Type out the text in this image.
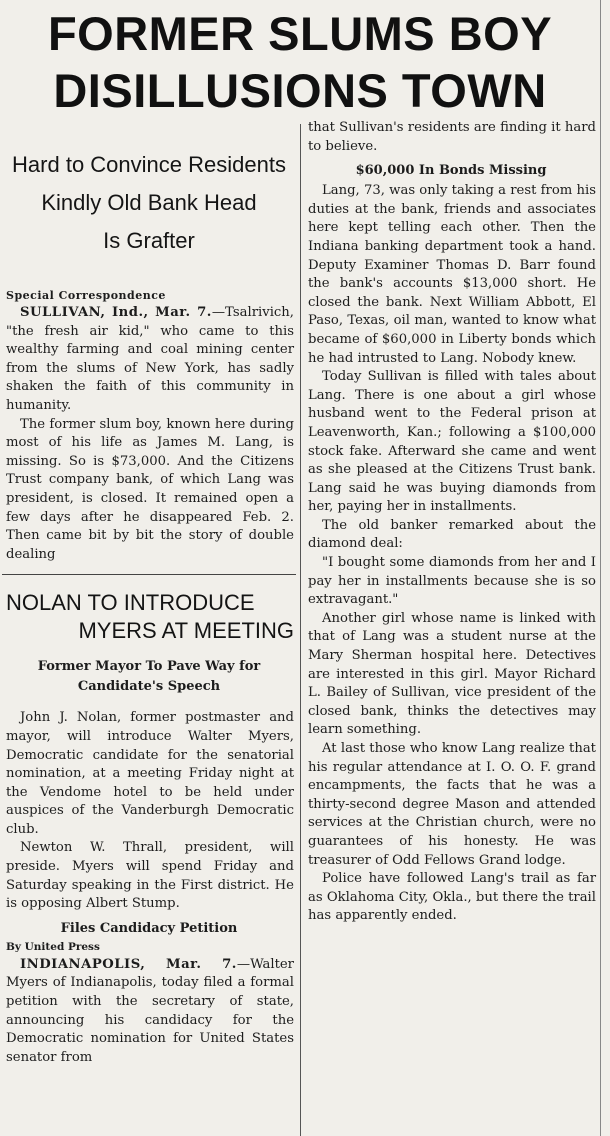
FORMER SLUMS BOY
DISILLUSIONS TOWN
Hard to Convince Residents
Kindly Old Bank Head
Is Grafter
Special Correspondence

SULLIVAN, Ind., Mar. 7.—Tsalrivich, "the fresh air kid," who came to this wealthy farming and coal mining center from the slums of New York, has sadly shaken the faith of this community in humanity.

The former slum boy, known here during most of his life as James M. Lang, is missing. So is $73,000. And the Citizens Trust company bank, of which Lang was president, is closed. It remained open a few days after he disappeared Feb. 2. Then came bit by bit the story of double dealing

NOLAN TO INTRODUCE
MYERS AT MEETING
Former Mayor To Pave Way for
Candidate's Speech

John J. Nolan, former postmaster and mayor, will introduce Walter Myers, Democratic candidate for the senatorial nomination, at a meeting Friday night at the Vendome hotel to be held under auspices of the Vanderburgh Democratic club.

Newton W. Thrall, president, will preside. Myers will spend Friday and Saturday speaking in the First district. He is opposing Albert Stump.

Files Candidacy Petition
By United Press

INDIANAPOLIS, Mar. 7.—Walter Myers of Indianapolis, today filed a formal petition with the secretary of state, announcing his candidacy for the Democratic nomination for United States senator from

that Sullivan's residents are finding it hard to believe.

$60,000 In Bonds Missing

Lang, 73, was only taking a rest from his duties at the bank, friends and associates here kept telling each other. Then the Indiana banking department took a hand. Deputy Examiner Thomas D. Barr found the bank's accounts $13,000 short. He closed the bank. Next William Abbott, El Paso, Texas, oil man, wanted to know what became of $60,000 in Liberty bonds which he had intrusted to Lang. Nobody knew.

Today Sullivan is filled with tales about Lang. There is one about a girl whose husband went to the Federal prison at Leavenworth, Kan.; following a $100,000 stock fake. Afterward she came and went as she pleased at the Citizens Trust bank. Lang said he was buying diamonds from her, paying her in installments.

The old banker remarked about the diamond deal:

"I bought some diamonds from her and I pay her in installments because she is so extravagant."

Another girl whose name is linked with that of Lang was a student nurse at the Mary Sherman hospital here. Detectives are interested in this girl. Mayor Richard L. Bailey of Sullivan, vice president of the closed bank, thinks the detectives may learn something.

At last those who know Lang realize that his regular attendance at I. O. O. F. grand encampments, the facts that he was a thirty-second degree Mason and attended services at the Christian church, were no guarantees of his honesty. He was treasurer of Odd Fellows Grand lodge.

Police have followed Lang's trail as far as Oklahoma City, Okla., but there the trail has apparently ended.
